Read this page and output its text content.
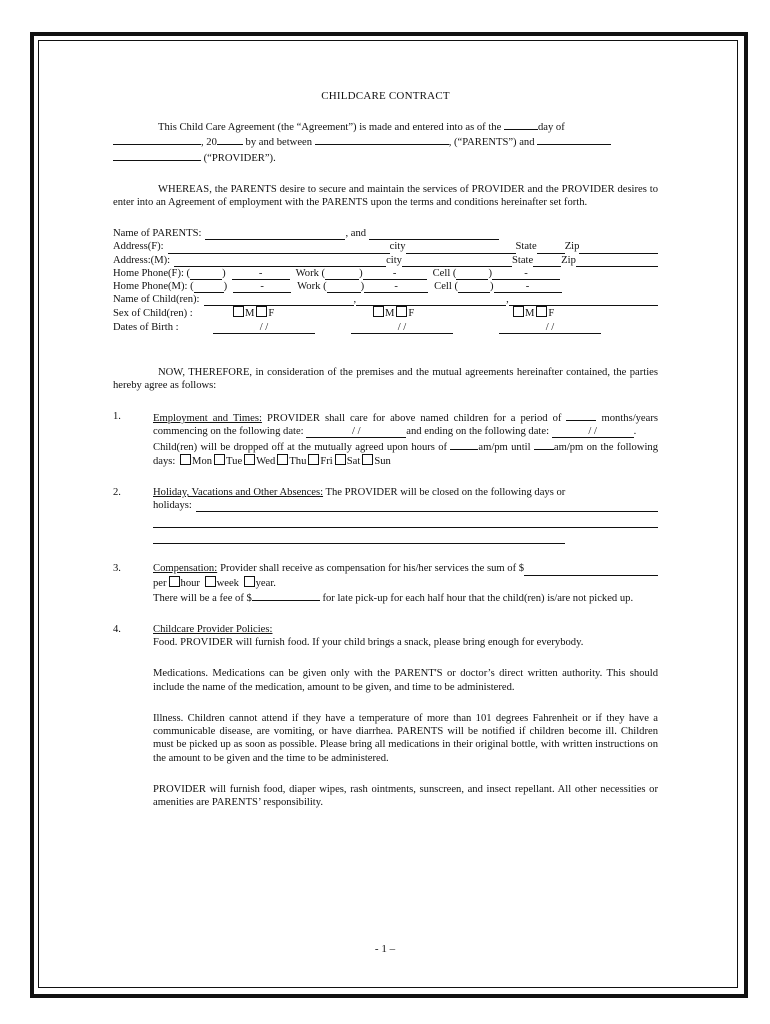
CHILDCARE CONTRACT

This Child Care Agreement (the “Agreement”) is made and entered into as of the	day of
, 20	by and between	, (“PARENTS”) and
(“PROVIDER”).

WHEREAS, the PARENTS desire to secure and maintain the services of PROVIDER and the PROVIDER desires to enter into an Agreement of employment with the PARENTS upon the terms and conditions hereinafter set forth.

Name of PARENTS:	, and
Address(F):	city	State	Zip
Address:(M):	city	State	Zip
Home Phone(F): (	)	-	Work (	)	-	Cell (	)	-
Home Phone(M): (	)	-	Work (	)	-	Cell (	)	-
Name of Child(ren):	,	,
Sex of Child(ren) :	M F	M F	M F
Dates of Birth :	/ /	/ /	/ /

NOW, THEREFORE, in consideration of the premises and the mutual agreements hereinafter contained, the parties hereby agree as follows:

1.	Employment and Times: PROVIDER shall care for above named children for a period of	months/years commencing on the following date:	/ /	and ending on the following date:	/ /	.

Child(ren) will be dropped off at the mutually agreed upon hours of	am/pm until am/pm on the following days: Mon Tue Wed Thu Fri Sat Sun

2.	Holiday, Vacations and Other Absences: The PROVIDER will be closed on the following days or

holidays:
3.	Compensation: Provider shall receive as compensation for his/her services the sum of $
per hour week year.

There will be a fee of $	for late pick-up for each half hour that the child(ren) is/are not picked up.

4.	Childcare Provider Policies:

Food. PROVIDER will furnish food. If your child brings a snack, please bring enough for everybody.

Medications. Medications can be given only with the PARENT'S or doctor’s direct written authority. This should include the name of the medication, amount to be given, and time to be administered.

Illness. Children cannot attend if they have a temperature of more than 101 degrees Fahrenheit or if they have a communicable disease, are vomiting, or have diarrhea. PARENTS will be notified if children become ill. Children must be picked up as soon as possible. Please bring all medications in their original bottle, with written instructions on the amount to be given and the time to be administered.

PROVIDER will furnish food, diaper wipes, rash ointments, sunscreen, and insect repellant. All other necessities or amenities are PARENTS’ responsibility.

- 1 –
